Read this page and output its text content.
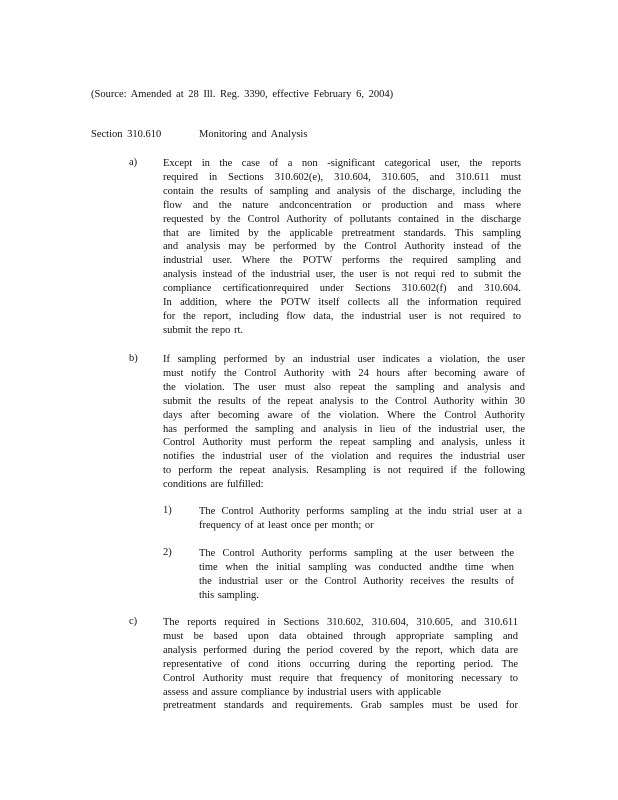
(Source: Amended at 28 Ill. Reg. 3390, effective February 6, 2004)
Section 310.610	Monitoring and Analysis
a) Except in the case of a non -significant categorical user, the reports
required in Sections 310.602(e), 310.604, 310.605, and 310.611 must
contain the results of sampling and analysis of the discharge, including the
flow and the nature andconcentration or production and mass where
requested by the Control Authority of pollutants contained in the discharge
that are limited by the applicable pretreatment standards. This sampling
and analysis may be performed by the Control Authority instead of the
industrial user. Where the POTW performs the required sampling and
analysis instead of the industrial user, the user is not requi red to submit the
compliance certificationrequired under Sections 310.602(f) and 310.604.
In addition, where the POTW itself collects all the information required
for the report, including flow data, the industrial user is not required to
submit the repo rt.
b) If sampling performed by an industrial user indicates a violation, the user
must notify the Control Authority with 24 hours after becoming aware of
the violation. The user must also repeat the sampling and analysis and
submit the results of the repeat analysis to the Control Authority within 30
days after becoming aware of the violation. Where the Control Authority
has performed the sampling and analysis in lieu of the industrial user, the
Control Authority must perform the repeat sampling and analysis, unless it
notifies the industrial user of the violation and requires the industrial user
to perform the repeat analysis. Resampling is not required if the following
conditions are fulfilled:
1)	The Control Authority performs sampling at the indu strial user at a
frequency of at least once per month; or
2)	The Control Authority performs sampling at the user between the
time when the initial sampling was conducted andthe time when
the industrial user or the Control Authority receives the results of
this sampling.
c) The reports required in Sections 310.602, 310.604, 310.605, and 310.611
must be based upon data obtained through appropriate sampling and
analysis performed during the period covered by the report, which data are
representative of cond itions occurring during the reporting period. The
Control Authority must require that frequency of monitoring necessary to
assess and assure compliance by industrial users with applicable
pretreatment standards and requirements. Grab samples must be used for
